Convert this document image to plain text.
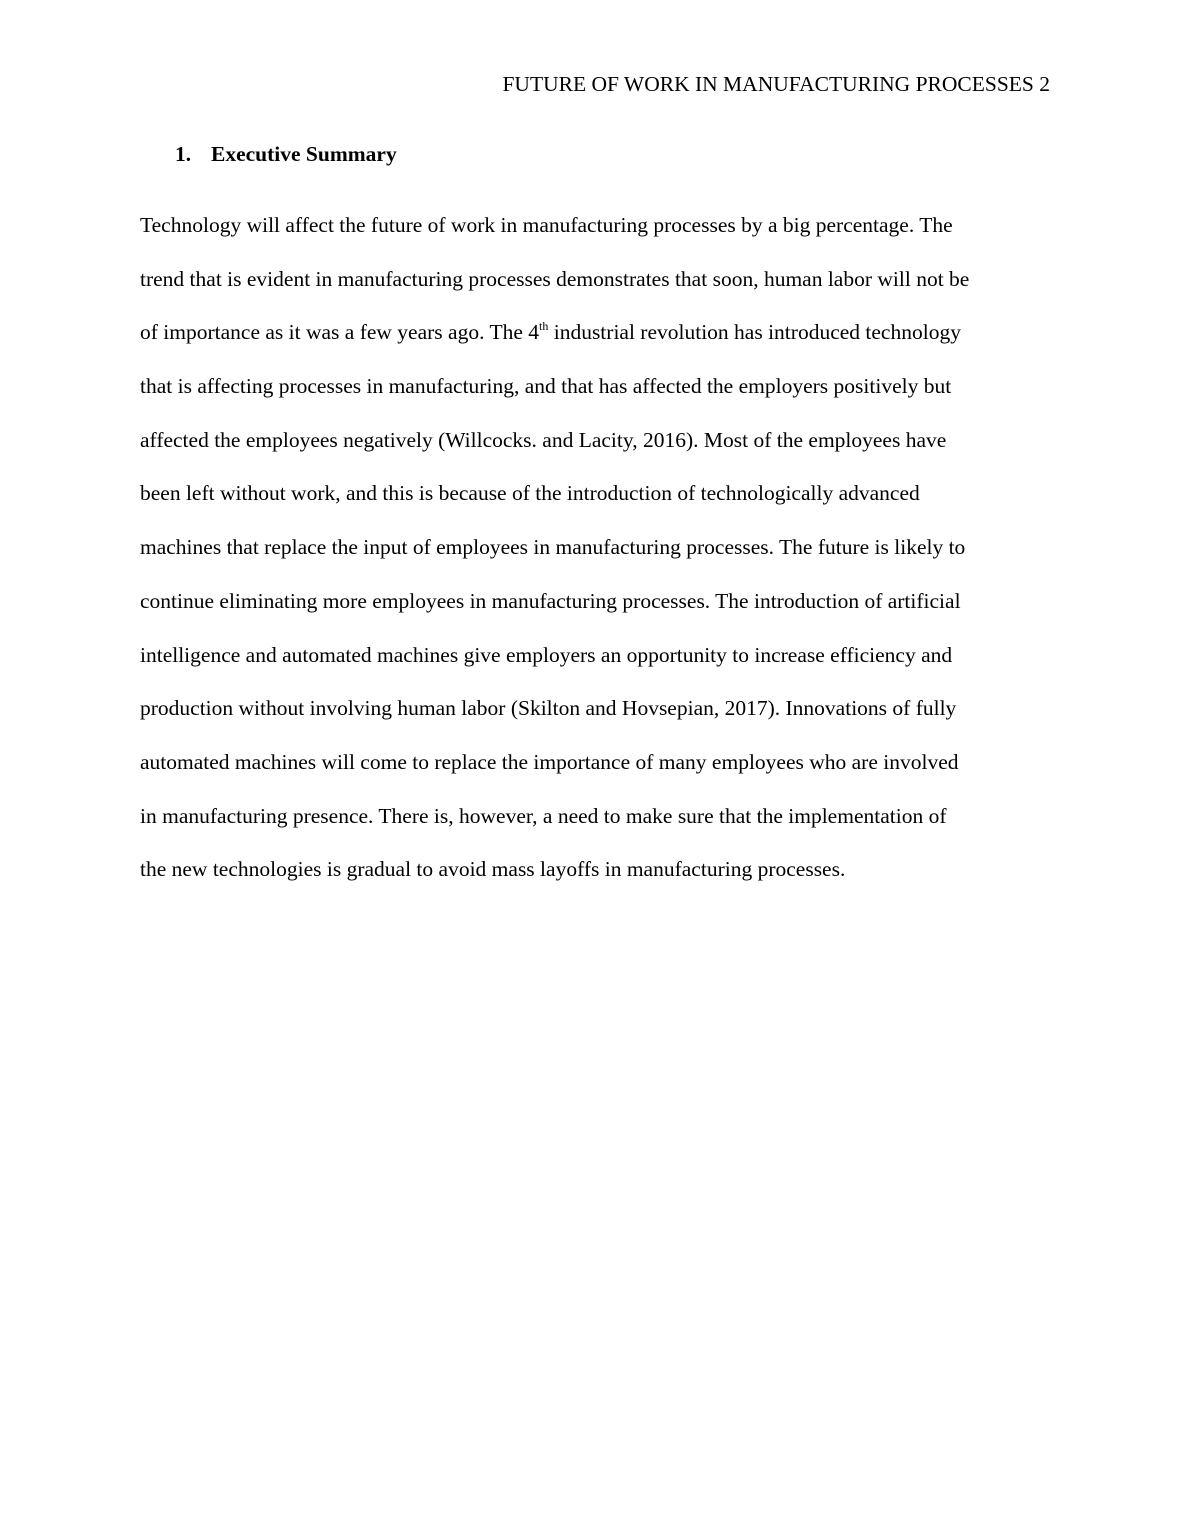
FUTURE OF WORK IN MANUFACTURING PROCESSES 2
1. Executive Summary
Technology will affect the future of work in manufacturing processes by a big percentage. The
trend that is evident in manufacturing processes demonstrates that soon, human labor will not be
of importance as it was a few years ago. The 4th industrial revolution has introduced technology
that is affecting processes in manufacturing, and that has affected the employers positively but
affected the employees negatively (Willcocks. and Lacity, 2016). Most of the employees have
been left without work, and this is because of the introduction of technologically advanced
machines that replace the input of employees in manufacturing processes. The future is likely to
continue eliminating more employees in manufacturing processes. The introduction of artificial
intelligence and automated machines give employers an opportunity to increase efficiency and
production without involving human labor (Skilton and Hovsepian, 2017). Innovations of fully
automated machines will come to replace the importance of many employees who are involved
in manufacturing presence. There is, however, a need to make sure that the implementation of
the new technologies is gradual to avoid mass layoffs in manufacturing processes.
